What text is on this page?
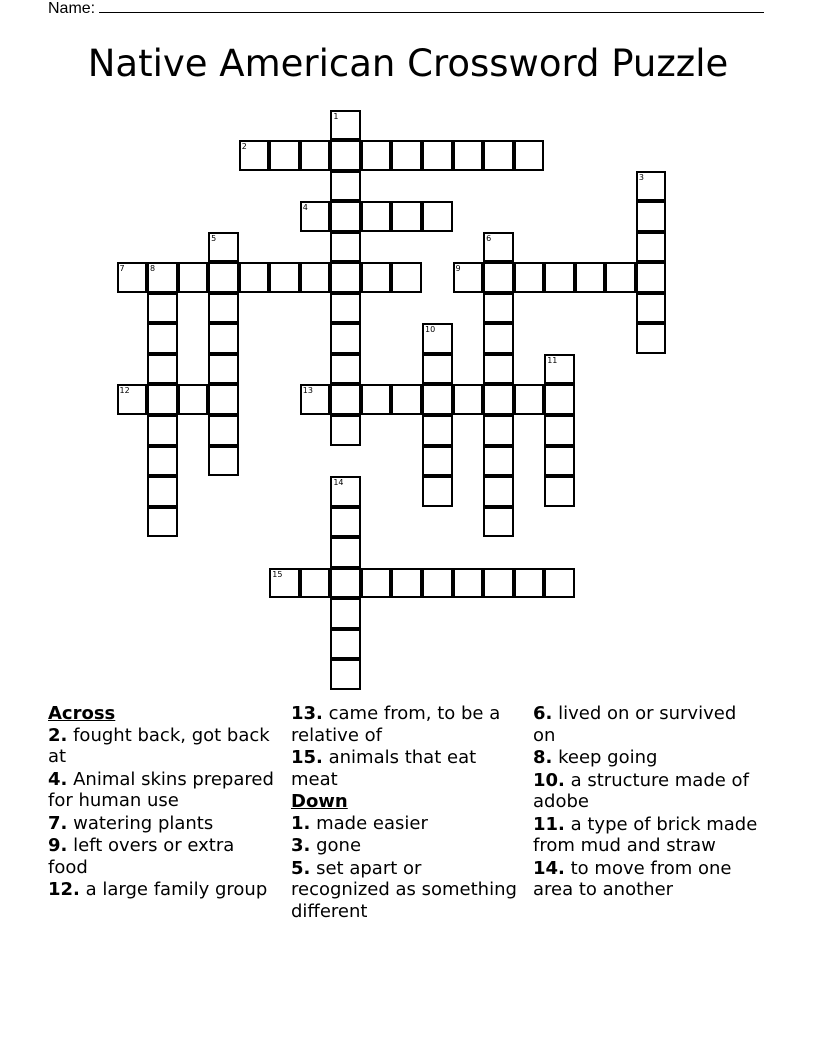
Name:
Native American Crossword Puzzle
1
2
3
4
5	6
7	8	9
10
11
12	13
14
15
Across
2. fought back, got back at
4. Animal skins prepared for human use
7. watering plants
9. left overs or extra food
12. a large family group
13. came from, to be a relative of
15. animals that eat meat
Down
1. made easier
3. gone
5. set apart or recognized as something different
6. lived on or survived on
8. keep going
10. a structure made of adobe
11. a type of brick made from mud and straw
14. to move from one area to another
